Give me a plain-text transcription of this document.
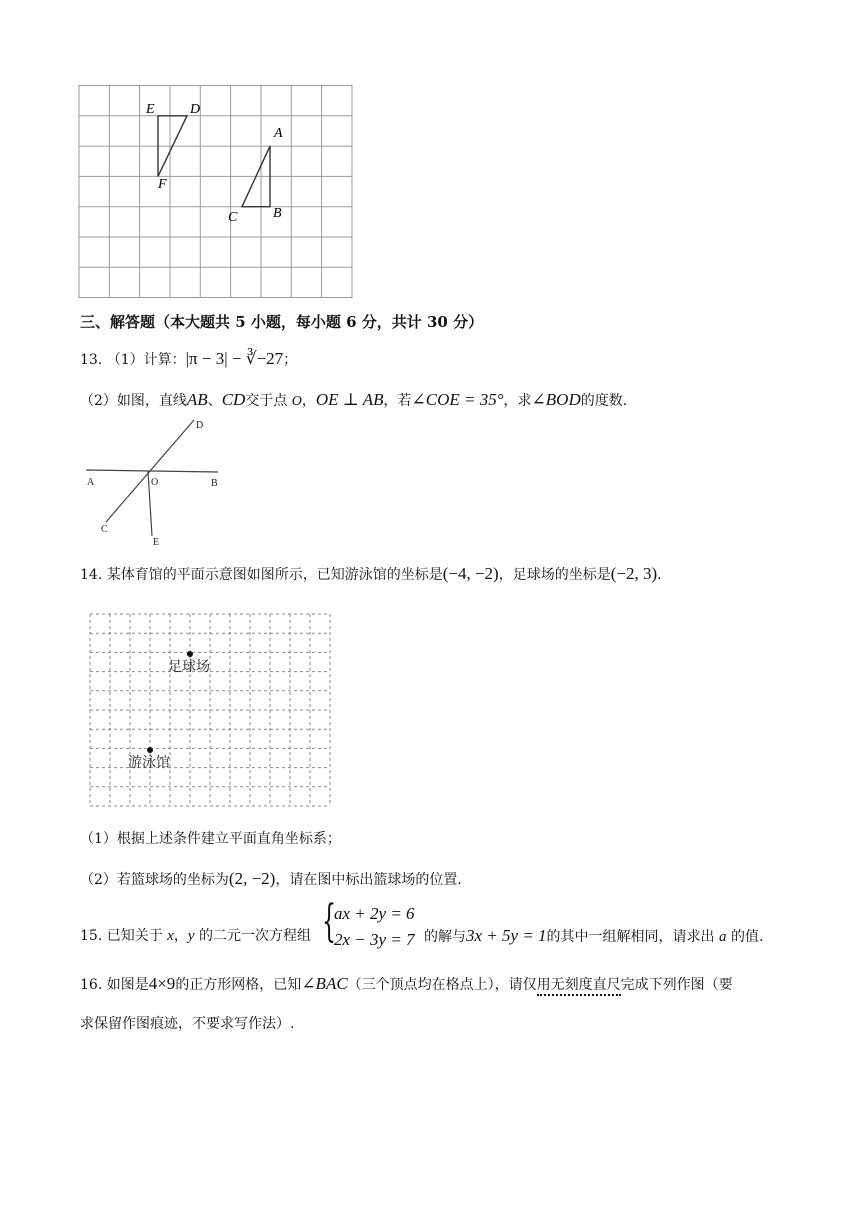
E	D
F
A
B
C
三、解答题（本大题共 5 小题，每小题 6 分，共计 30 分）
13. （1）计算：|π − 3| − ∛−27；
（2）如图，直线AB、CD交于点 O，OE ⊥ AB，若∠COE = 35°，求∠BOD的度数.
D
A	O	B
C
E
14. 某体育馆的平面示意图如图所示，已知游泳馆的坐标是(−4, −2)，足球场的坐标是(−2, 3).
足球场
游泳馆
（1）根据上述条件建立平面直角坐标系；
（2）若篮球场的坐标为(2, −2)，请在图中标出篮球场的位置.
15. 已知关于 x，y 的二元一次方程组 {
ax + 2y = 6
2x − 3y = 7 的解与3x + 5y = 1的其中一组解相同，请求出 a 的值.
16. 如图是4×9的正方形网格，已知∠BAC（三个顶点均在格点上），请仅用无刻度直尺完成下列作图（要
求保留作图痕迹，不要求写作法）.
